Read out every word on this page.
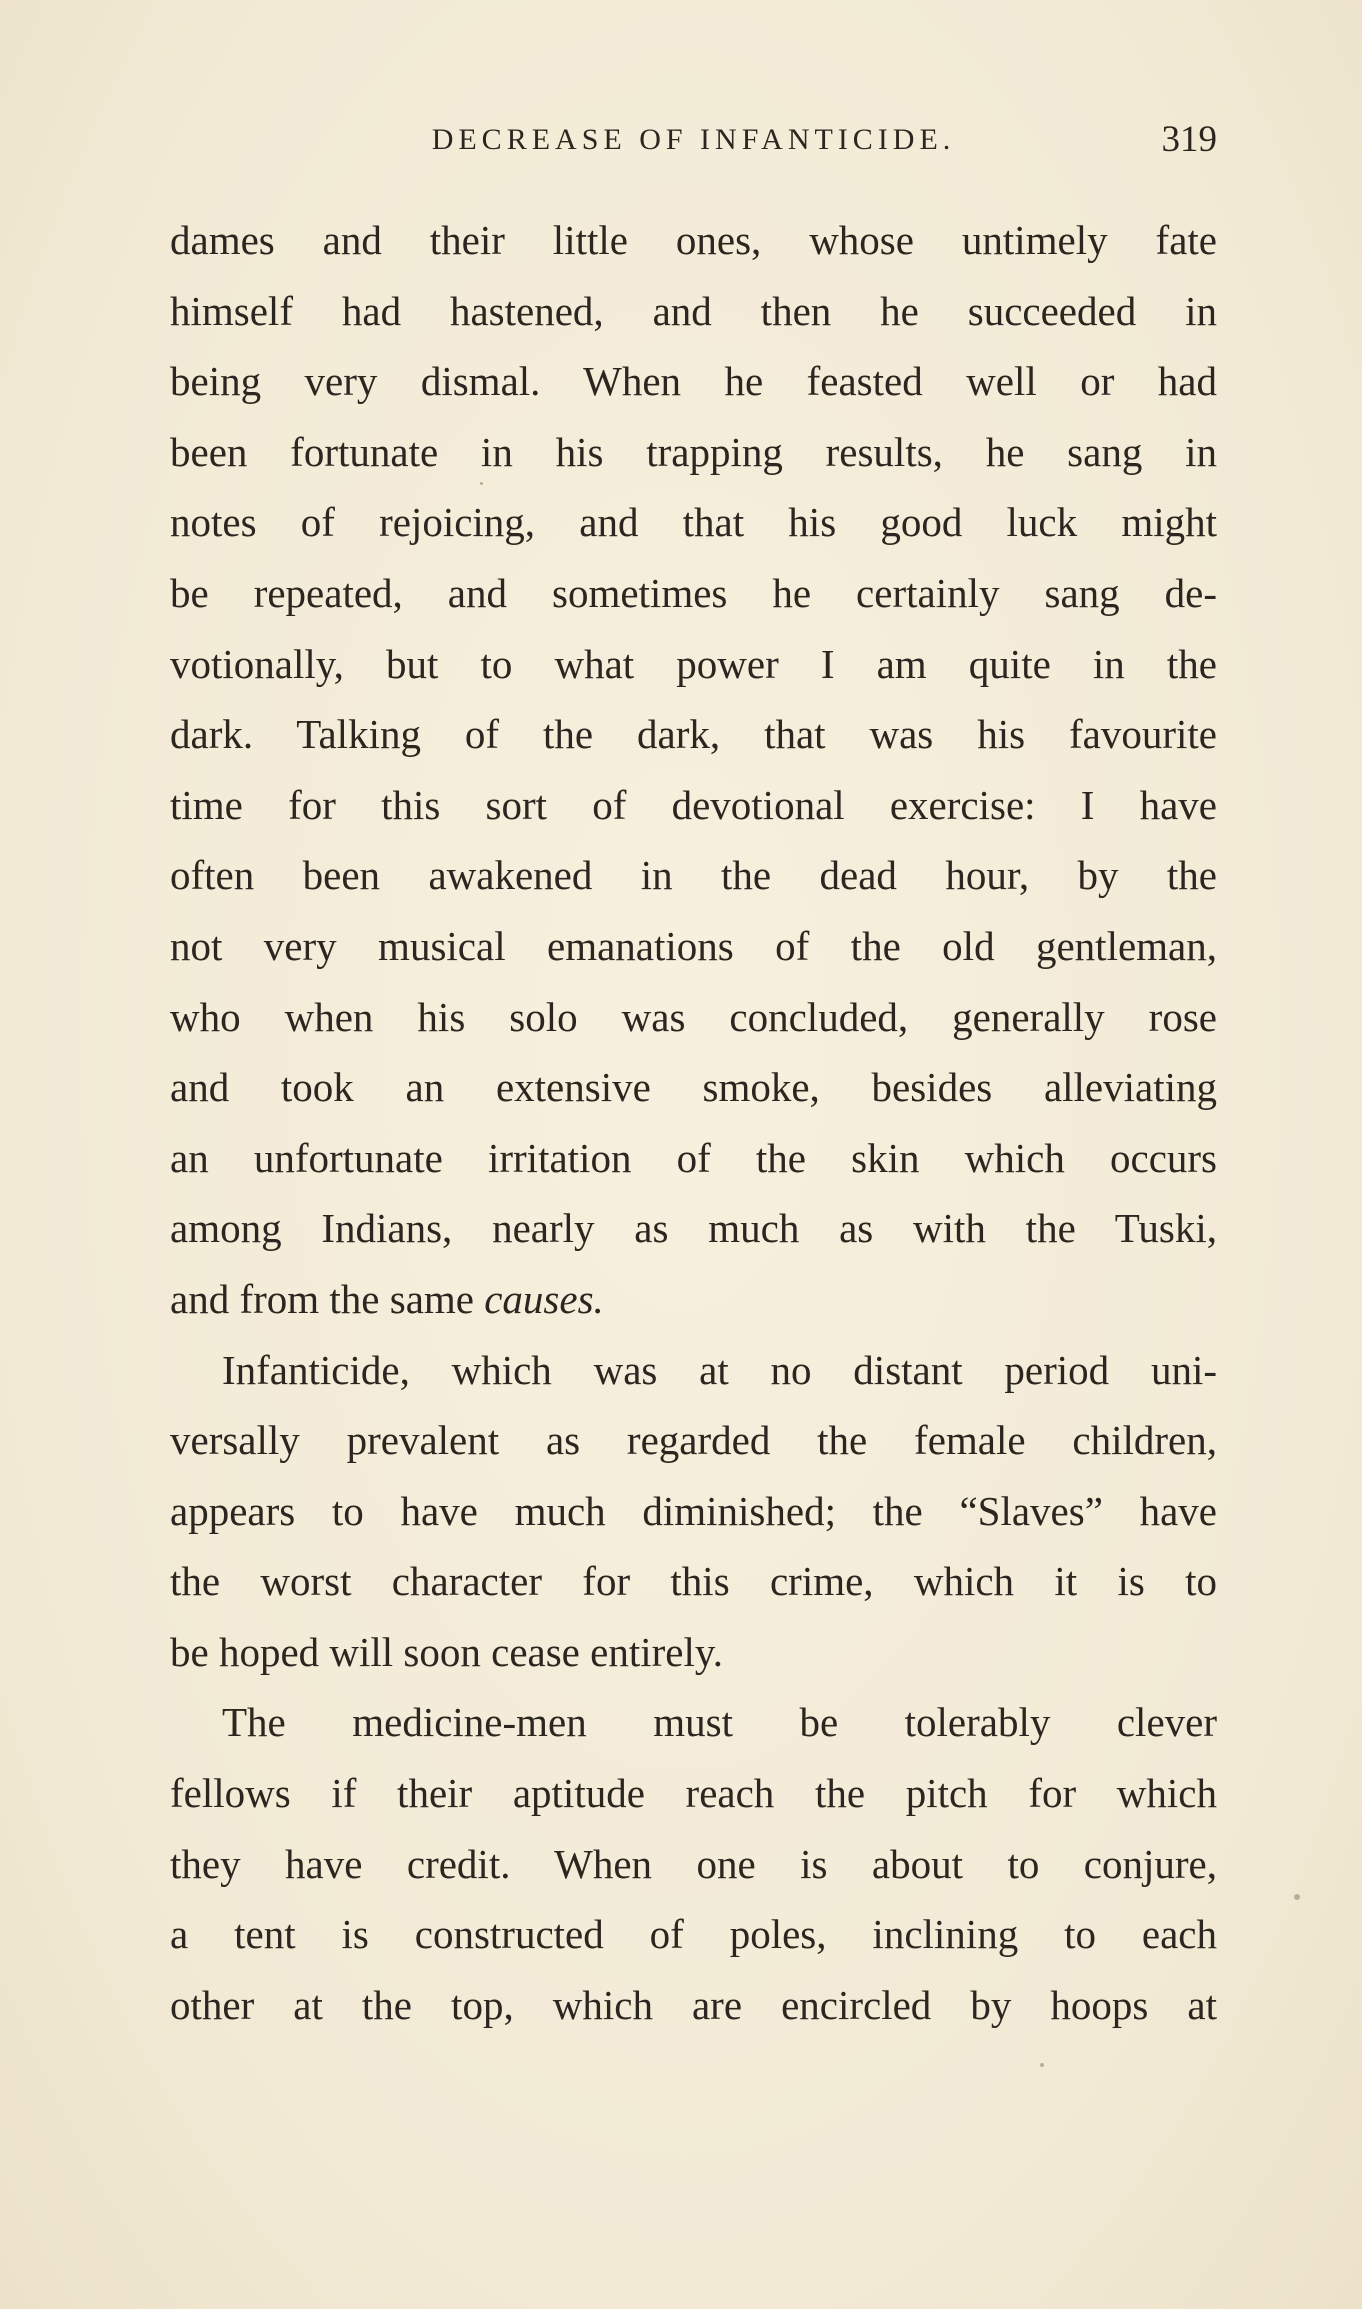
DECREASE OF INFANTICIDE.	319
dames and their little ones, whose untimely fate
himself had hastened, and then he succeeded in
being very dismal. When he feasted well or had
been fortunate in his trapping results, he sang in
notes of rejoicing, and that his good luck might
be repeated, and sometimes he certainly sang de-
votionally, but to what power I am quite in the
dark. Talking of the dark, that was his favourite
time for this sort of devotional exercise: I have
often been awakened in the dead hour, by the
not very musical emanations of the old gentleman,
who when his solo was concluded, generally rose
and took an extensive smoke, besides alleviating
an unfortunate irritation of the skin which occurs
among Indians, nearly as much as with the Tuski,
and from the same causes.
Infanticide, which was at no distant period uni-
versally prevalent as regarded the female children,
appears to have much diminished; the “Slaves” have
the worst character for this crime, which it is to
be hoped will soon cease entirely.
The medicine-men must be tolerably clever
fellows if their aptitude reach the pitch for which
they have credit. When one is about to conjure,
a tent is constructed of poles, inclining to each
other at the top, which are encircled by hoops at
